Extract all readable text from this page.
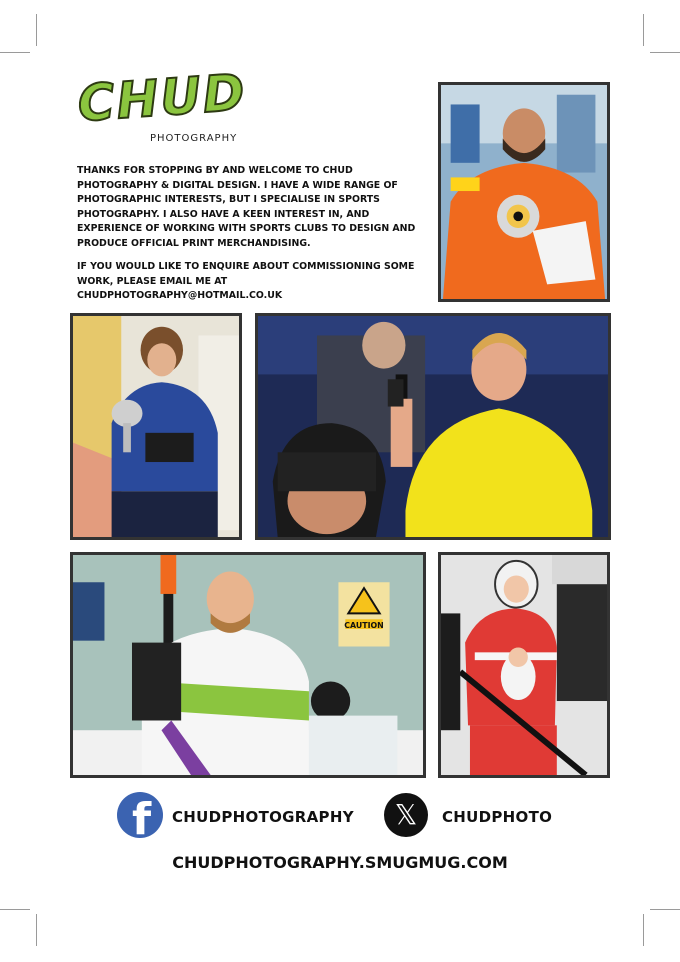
CHUD
PHOTOGRAPHY

THANKS FOR STOPPING BY AND WELCOME TO CHUD PHOTOGRAPHY & DIGITAL DESIGN. I HAVE A WIDE RANGE OF PHOTOGRAPHIC INTERESTS, BUT I SPECIALISE IN SPORTS PHOTOGRAPHY. I ALSO HAVE A KEEN INTEREST IN, AND EXPERIENCE OF WORKING WITH SPORTS CLUBS TO DESIGN AND PRODUCE OFFICIAL PRINT MERCHANDISING.

IF YOU WOULD LIKE TO ENQUIRE ABOUT COMMISSIONING SOME WORK, PLEASE EMAIL ME AT CHUDPHOTOGRAPHY@HOTMAIL.CO.UK

CAUTION
f CHUDPHOTOGRAPHY	𝕏	CHUDPHOTO
CHUDPHOTOGRAPHY.SMUGMUG.COM
